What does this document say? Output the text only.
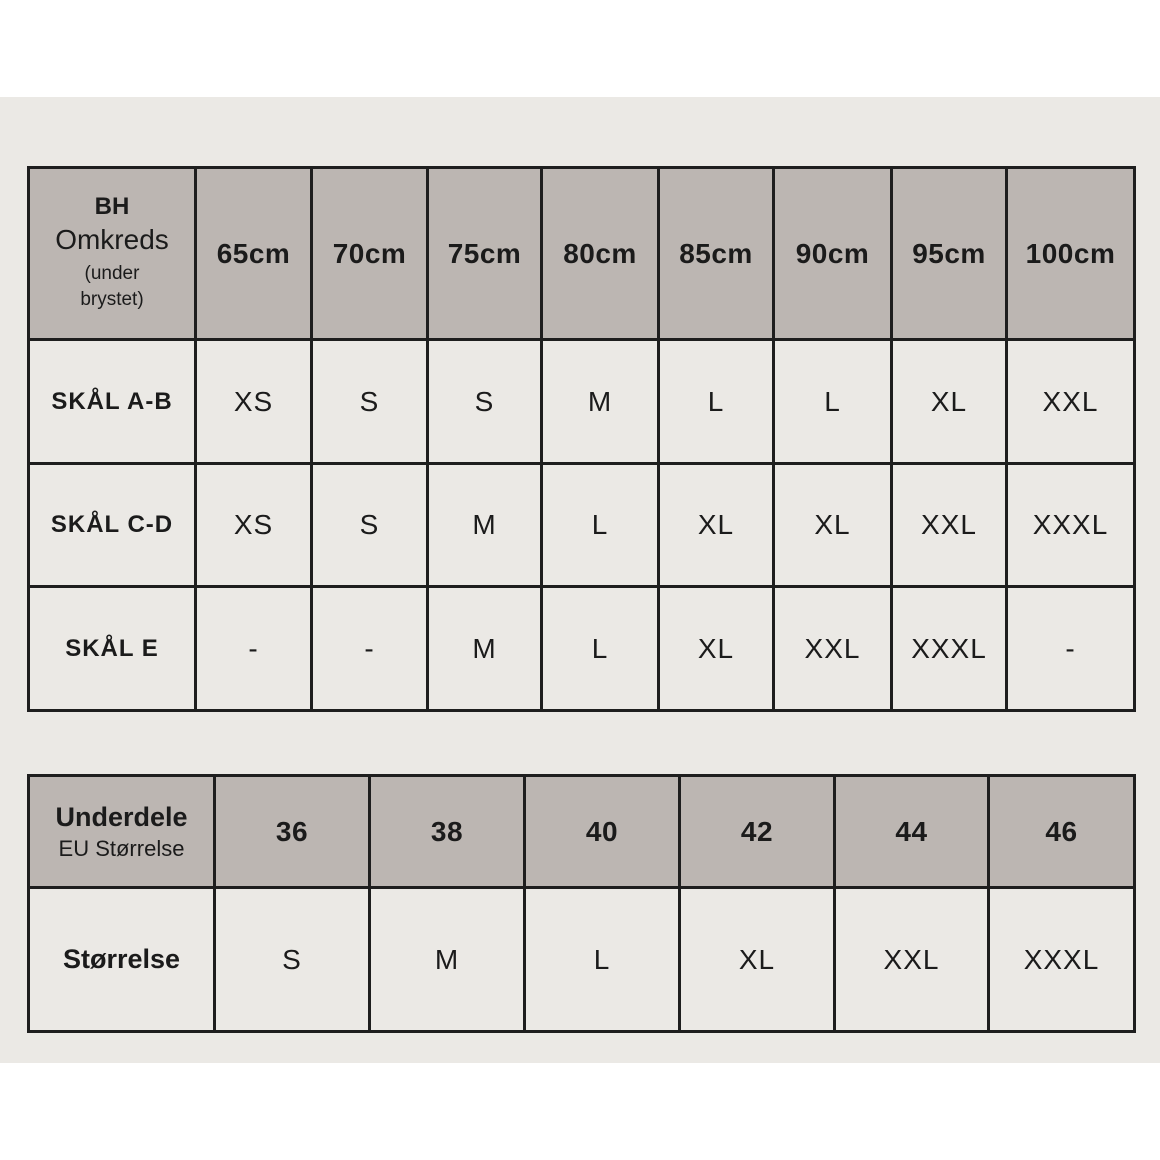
BH
Omkreds
(under
brystet)	65cm	70cm	75cm	80cm	85cm	90cm	95cm	100cm
SKÅL A-B	XS	S	S	M	L	L	XL	XXL
SKÅL C-D	XS	S	M	L	XL	XL	XXL	XXXL
SKÅL E	-	-	M	L	XL	XXL	XXXL	-
Underdele
EU Størrelse	36	38	40	42	44	46
Størrelse	S	M	L	XL	XXL	XXXL
